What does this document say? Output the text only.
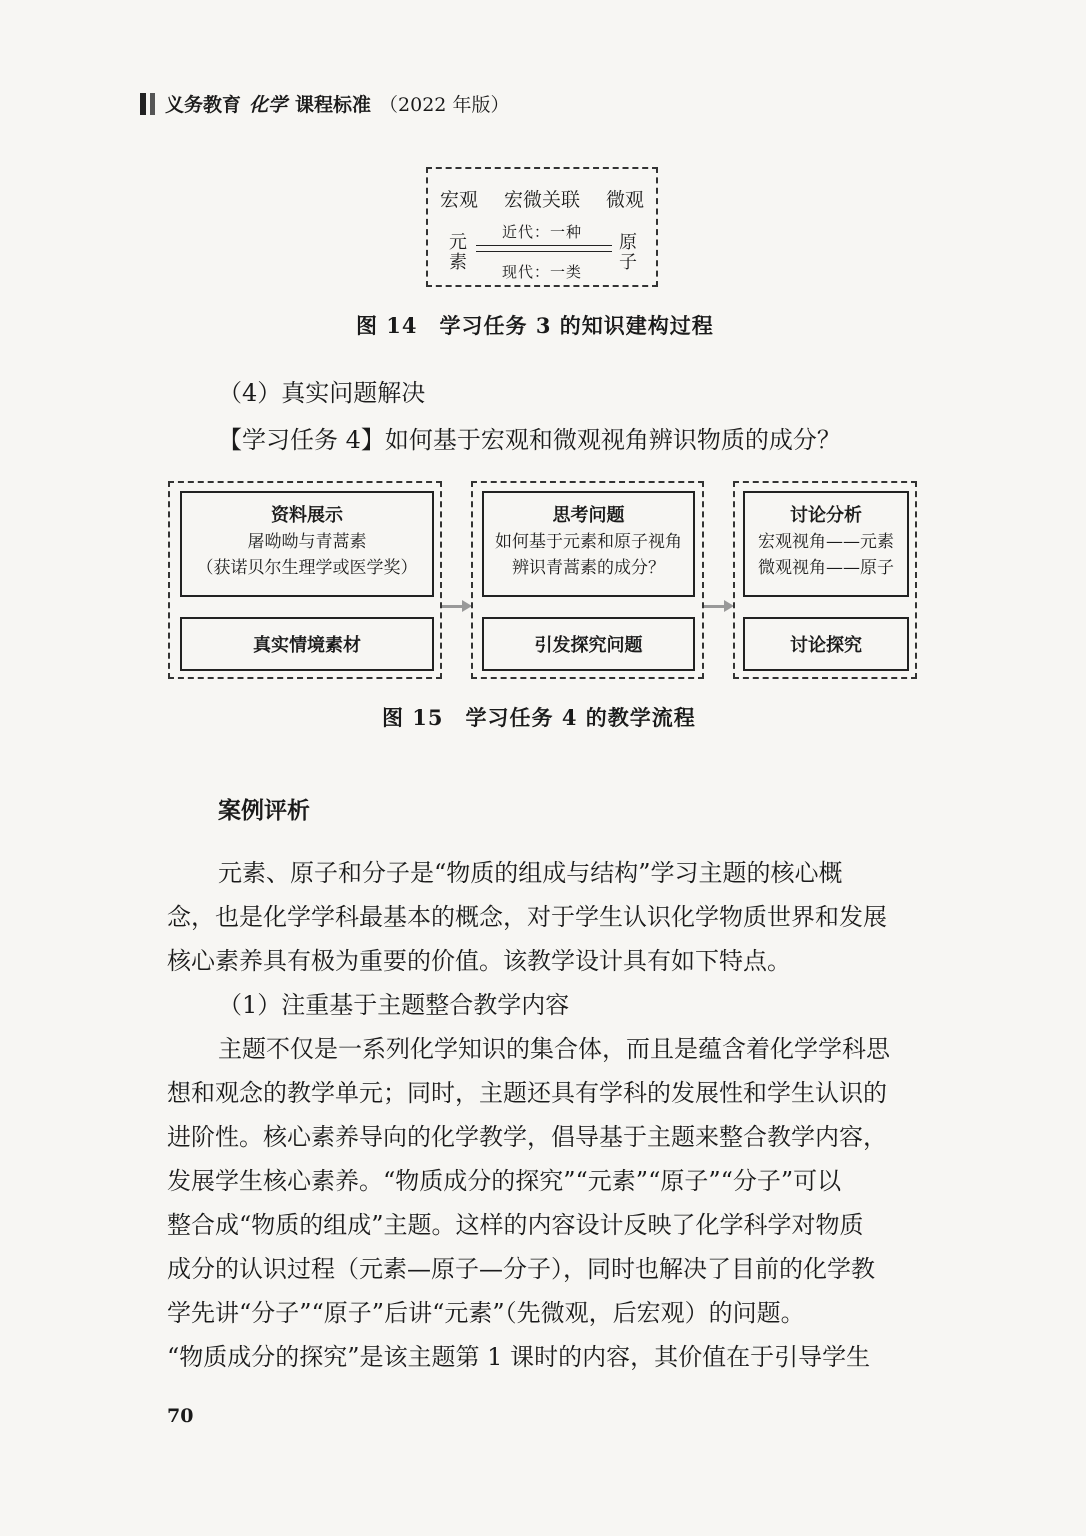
义务教育 化学 课程标准 （2022 年版）
宏观 宏微关联 微观
元
素
原
子
近代：一种
现代：一类
图 14　学习任务 3 的知识建构过程
（4）真实问题解决
【学习任务 4】如何基于宏观和微观视角辨识物质的成分？
资料展示
屠呦呦与青蒿素
（获诺贝尔生理学或医学奖）
真实情境素材
思考问题
如何基于元素和原子视角
辨识青蒿素的成分？
引发探究问题
讨论分析
宏观视角——元素
微观视角——原子
讨论探究
图 15　学习任务 4 的教学流程
案例评析
元素、原子和分子是“物质的组成与结构”学习主题的核心概
念，也是化学学科最基本的概念，对于学生认识化学物质世界和发展
核心素养具有极为重要的价值。该教学设计具有如下特点。
（1）注重基于主题整合教学内容
主题不仅是一系列化学知识的集合体，而且是蕴含着化学学科思
想和观念的教学单元；同时，主题还具有学科的发展性和学生认识的
进阶性。核心素养导向的化学教学，倡导基于主题来整合教学内容，
发展学生核心素养。“物质成分的探究”“元素”“原子”“分子”可以
整合成“物质的组成”主题。这样的内容设计反映了化学科学对物质
成分的认识过程（元素—原子—分子），同时也解决了目前的化学教
学先讲“分子”“原子”后讲“元素”（先微观，后宏观）的问题。
“物质成分的探究”是该主题第 1 课时的内容，其价值在于引导学生
70
